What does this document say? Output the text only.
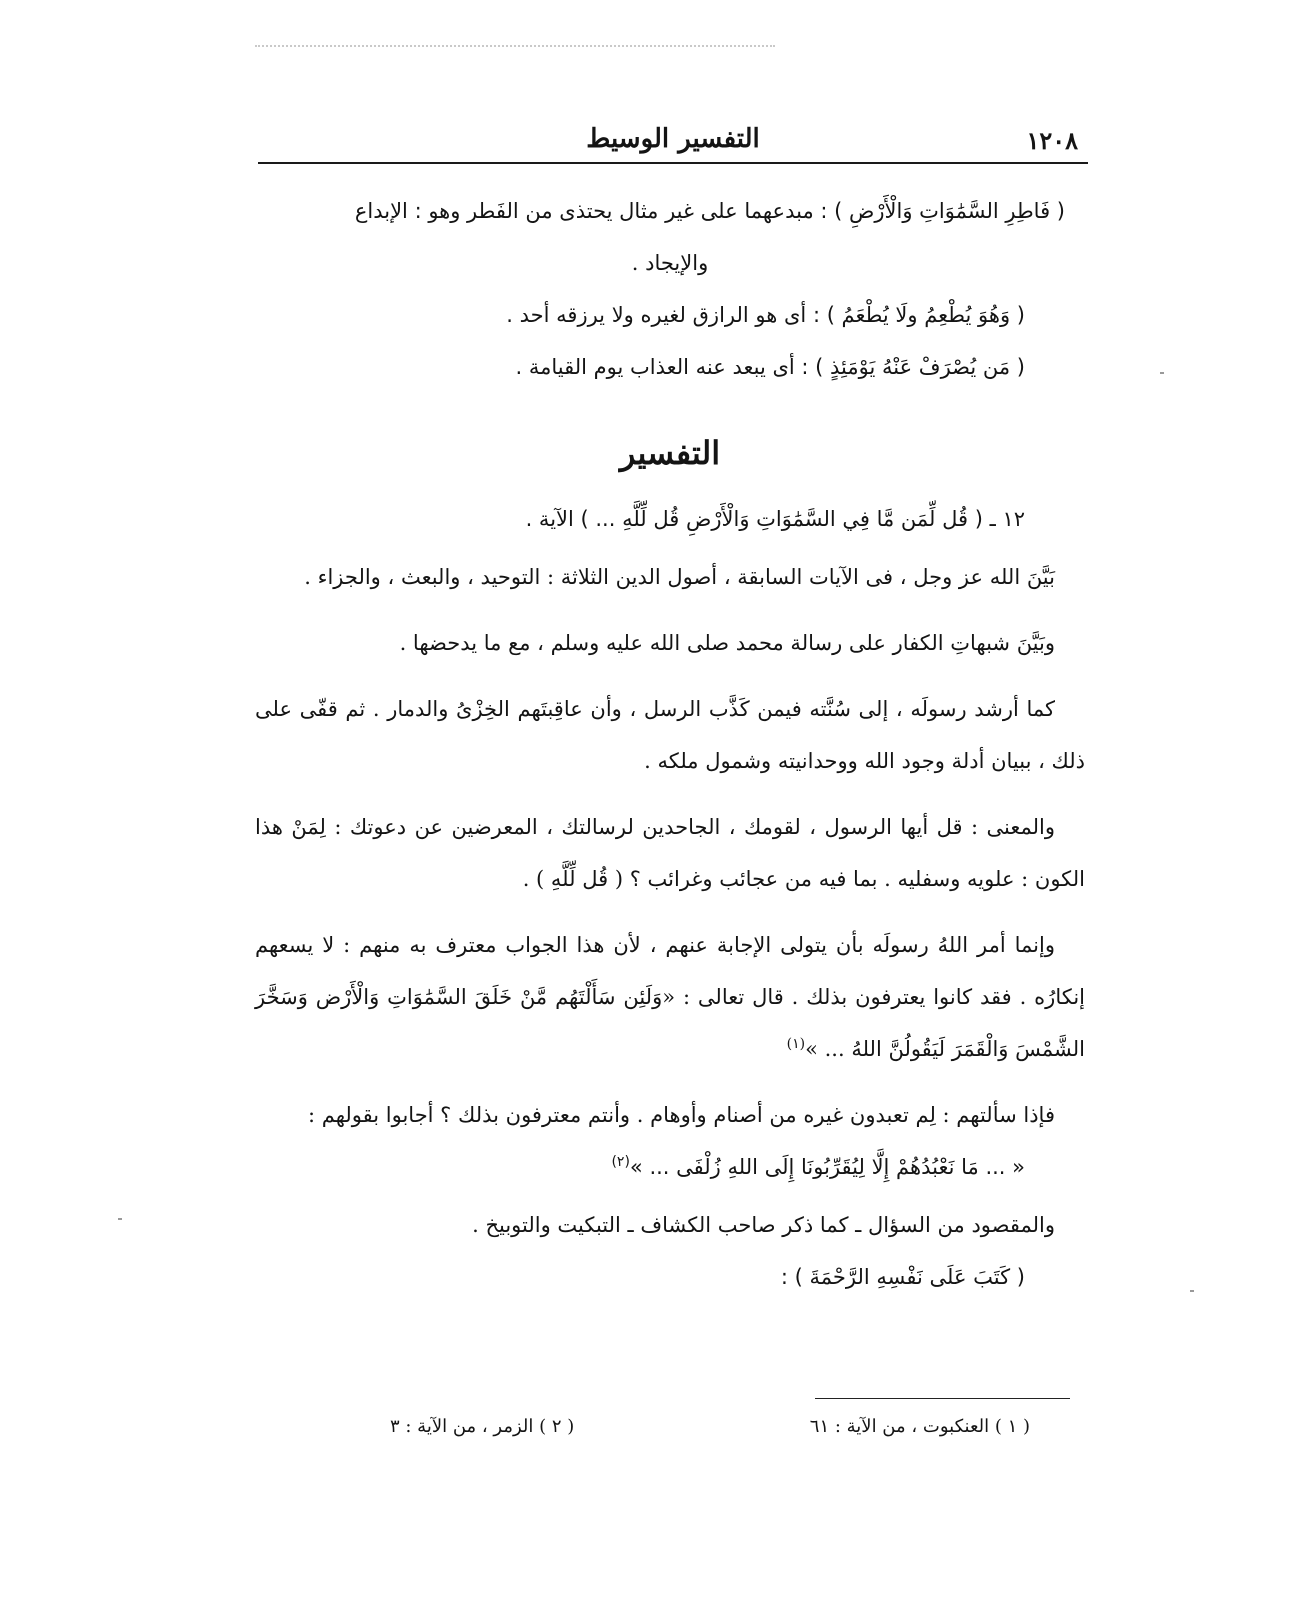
١٢٠٨
التفسير الوسيط

( فَاطِرِ السَّمَٰوَاتِ وَالْأَرْضِ ) : مبدعهما على غير مثال يحتذى من الفَطر وهو : الإبداع

والإيجاد .

( وَهُوَ يُطْعِمُ ولَا يُطْعَمُ ) : أى هو الرازق لغيره ولا يرزقه أحد .

( مَن يُصْرَفْ عَنْهُ يَوْمَئِذٍ ) : أى يبعد عنه العذاب يوم القيامة .

التفسير

١٢ ـ ( قُل لِّمَن مَّا فِي السَّمَٰوَاتِ وَالْأَرْضِ قُل لِّلَّهِ ... ) الآية .

بَيَّنَ الله عز وجل ، فى الآيات السابقة ، أصول الدين الثلاثة : التوحيد ، والبعث ، والجزاء .

وبَيَّنَ شبهاتِ الكفار على رسالة محمد صلى الله عليه وسلم ، مع ما يدحضها .

كما أرشد رسولَه ، إلى سُنَّته فيمن كَذَّب الرسل ، وأن عاقِبتَهم الخِزْىُ والدمار . ثم قفّى على ذلك ، ببيان أدلة وجود الله ووحدانيته وشمول ملكه .

والمعنى : قل أيها الرسول ، لقومك ، الجاحدين لرسالتك ، المعرضين عن دعوتك : لِمَنْ هذا الكون : علويه وسفليه . بما فيه من عجائب وغرائب ؟ ( قُل لِّلَّهِ ) .

وإنما أمر اللهُ رسولَه بأن يتولى الإجابة عنهم ، لأن هذا الجواب معترف به منهم : لا يسعهم إنكارُه . فقد كانوا يعترفون بذلك . قال تعالى : «وَلَئِن سَأَلْتَهُم مَّنْ خَلَقَ السَّمَٰوَاتِ وَالْأَرْض وَسَخَّرَ الشَّمْسَ وَالْقَمَرَ لَيَقُولُنَّ اللهُ ... »$^{(١)}$

فإذا سألتهم : لِم تعبدون غيره من أصنام وأوهام . وأنتم معترفون بذلك ؟ أجابوا بقولهم :

« ... مَا نَعْبُدُهُمْ إِلَّا لِيُقَرِّبُونَا إِلَى اللهِ زُلْفَى ... »$^{(٢)}$

والمقصود من السؤال ـ كما ذكر صاحب الكشاف ـ التبكيت والتوبيخ .

( كَتَبَ عَلَى نَفْسِهِ الرَّحْمَةَ ) :

( ١ ) العنكبوت ، من الآية : ٦١
( ٢ ) الزمر ، من الآية : ٣
